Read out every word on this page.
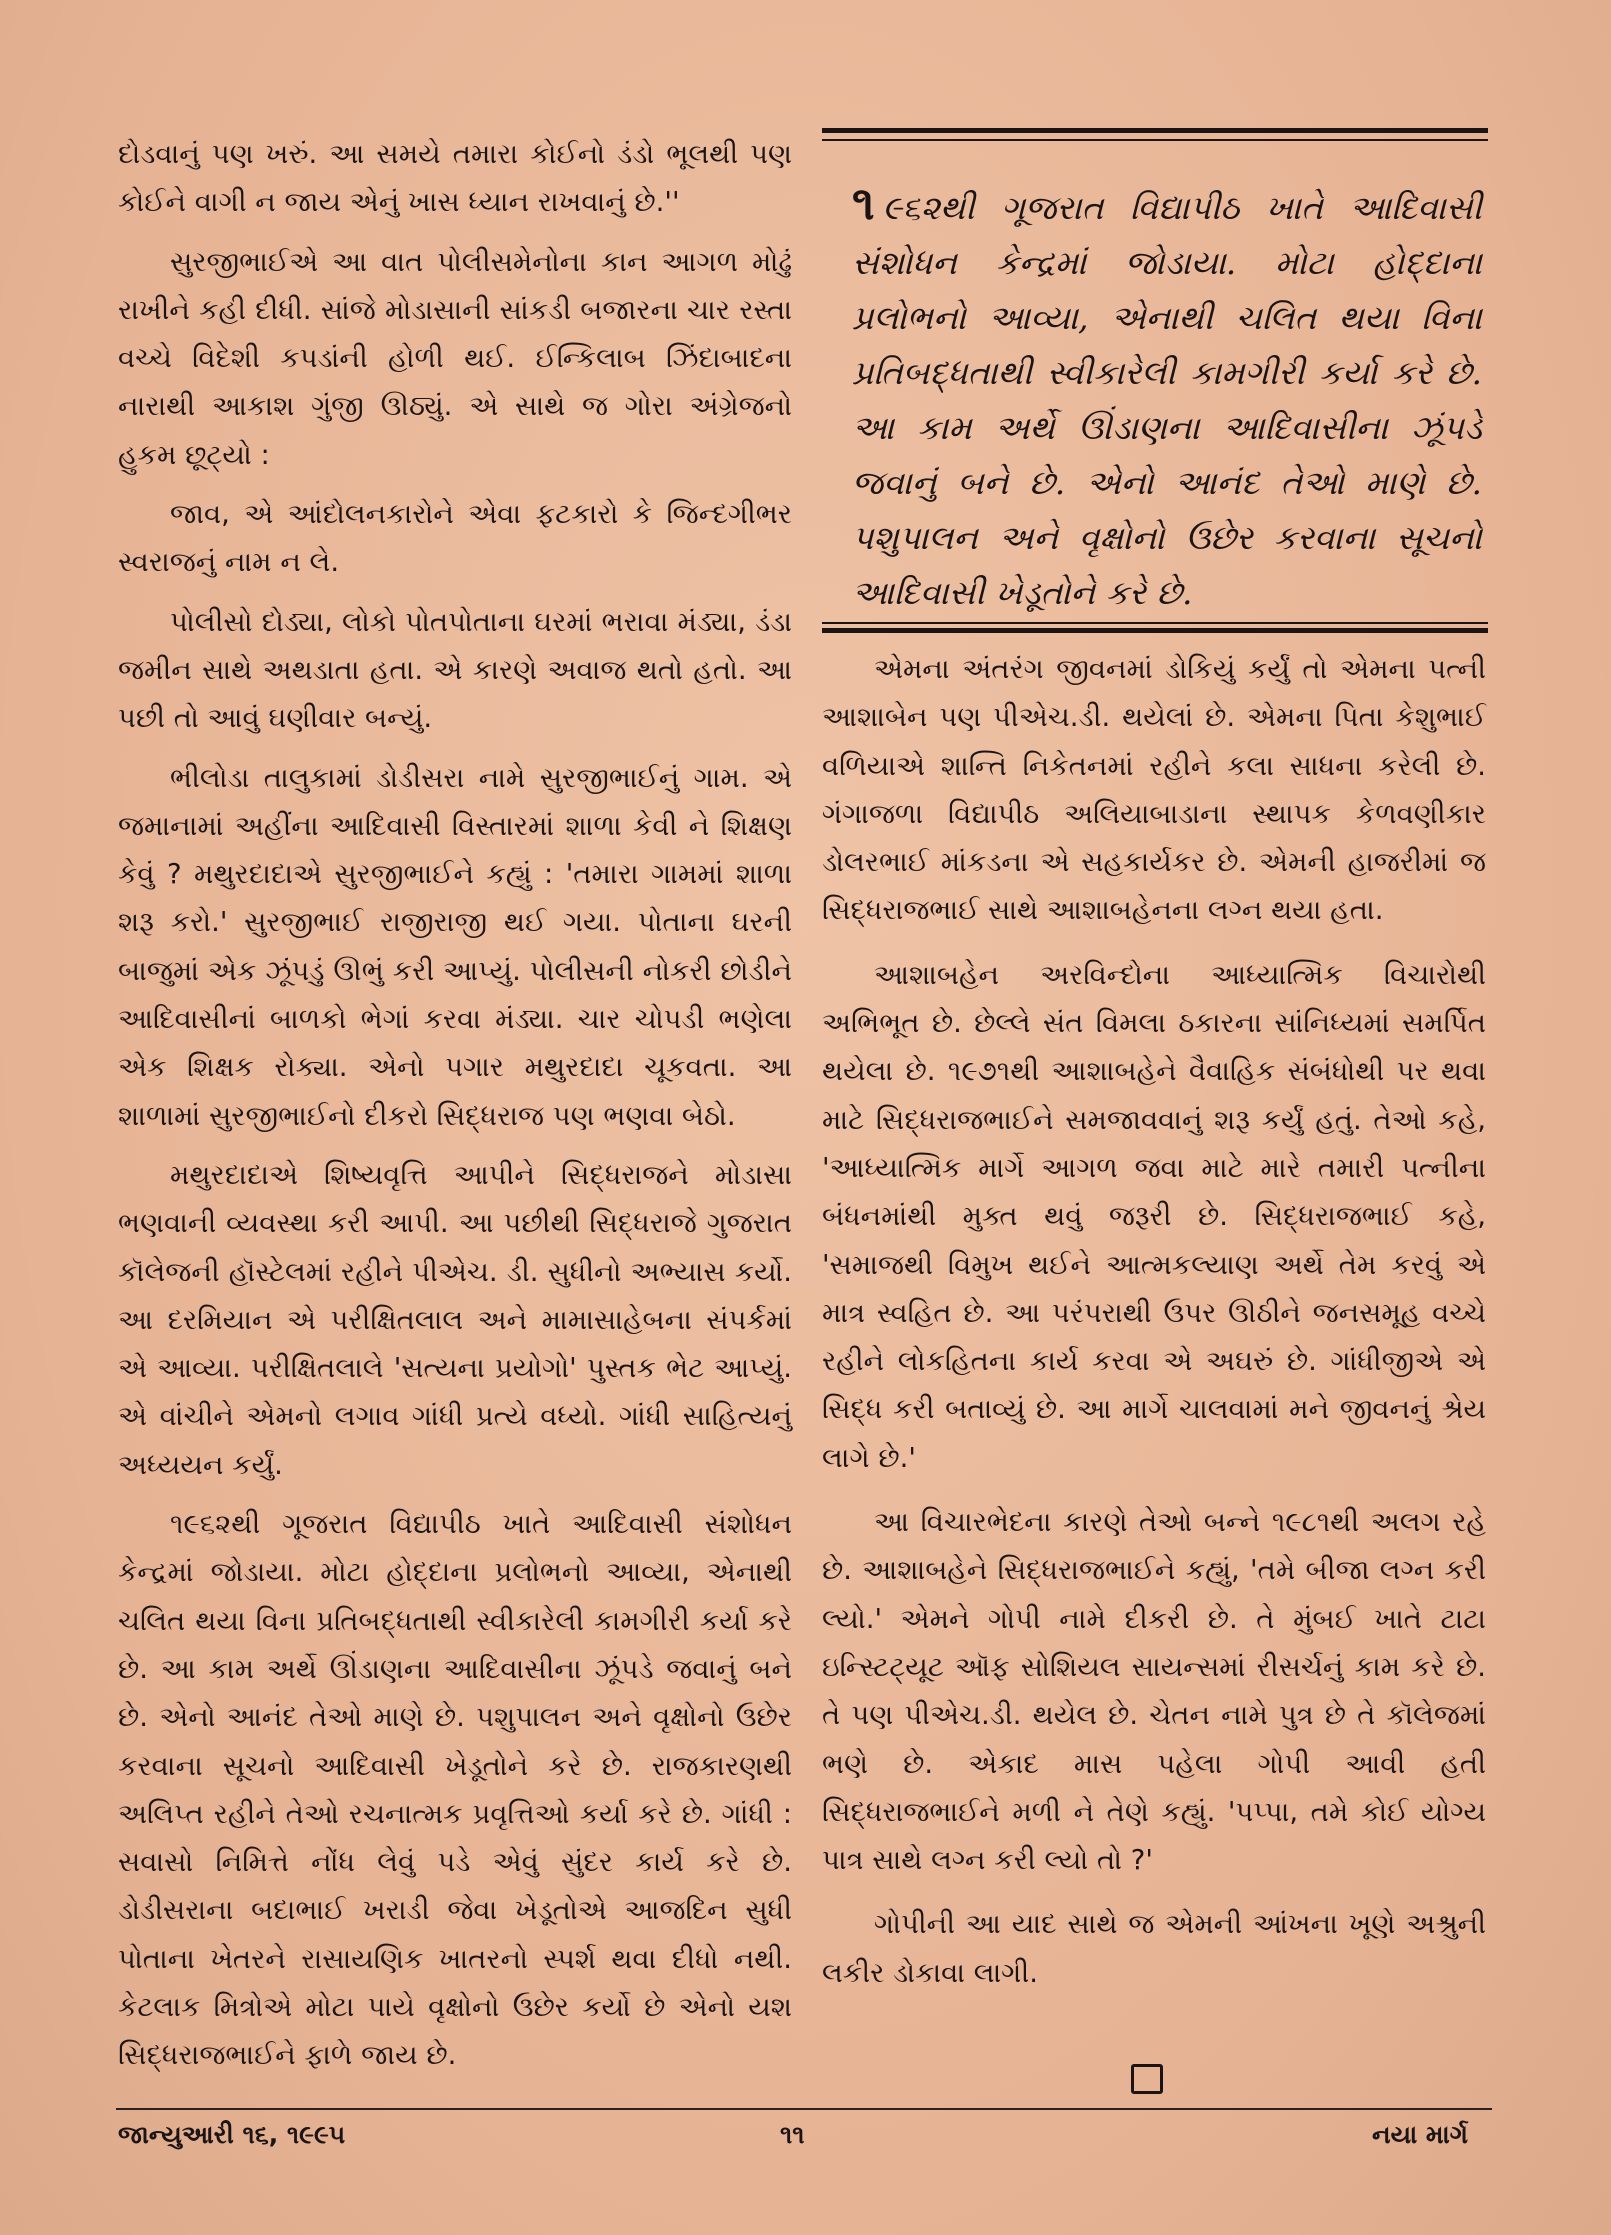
દોડવાનું પણ ખરું. આ સમયે તમારા કોઈનો ડંડો ભૂલથી પણ કોઈને વાગી ન જાય એનું ખાસ ધ્યાન રાખવાનું છે.''

સુરજીભાઈએ આ વાત પોલીસમેનોના કાન આગળ મોઢું રાખીને કહી દીધી. સાંજે મોડાસાની સાંકડી બજારના ચાર રસ્તા વચ્ચે વિદેશી કપડાંની હોળી થઈ. ઈન્કિલાબ ઝિંદાબાદના નારાથી આકાશ ગુંજી ઊઠ્યું. એ સાથે જ ગોરા અંગ્રેજનો હુકમ છૂટ્યો :

જાવ, એ આંદોલનકારોને એવા ફટકારો કે જિન્દગીભર સ્વરાજનું નામ ન લે.

પોલીસો દોડ્યા, લોકો પોતપોતાના ઘરમાં ભરાવા મંડ્યા, ડંડા જમીન સાથે અથડાતા હતા. એ કારણે અવાજ થતો હતો. આ પછી તો આવું ઘણીવાર બન્યું.

ભીલોડા તાલુકામાં ડોડીસરા નામે સુરજીભાઈનું ગામ. એ જમાનામાં અહીંના આદિવાસી વિસ્તારમાં શાળા કેવી ને શિક્ષણ કેવું ? મથુરદાદાએ સુરજીભાઈને કહ્યું : 'તમારા ગામમાં શાળા શરૂ કરો.' સુરજીભાઈ રાજીરાજી થઈ ગયા. પોતાના ઘરની બાજુમાં એક ઝૂંપડું ઊભું કરી આપ્યું. પોલીસની નોકરી છોડીને આદિવાસીનાં બાળકો ભેગાં કરવા મંડ્યા. ચાર ચોપડી ભણેલા એક શિક્ષક રોક્યા. એનો પગાર મથુરદાદા ચૂકવતા. આ શાળામાં સુરજીભાઈનો દીકરો સિદ્ધરાજ પણ ભણવા બેઠો.

મથુરદાદાએ શિષ્યવૃત્તિ આપીને સિદ્ધરાજને મોડાસા ભણવાની વ્યવસ્થા કરી આપી. આ પછીથી સિદ્ધરાજે ગુજરાત કૉલેજની હૉસ્ટેલમાં રહીને પીએચ. ડી. સુધીનો અભ્યાસ કર્યો. આ દરમિયાન એ પરીક્ષિતલાલ અને મામાસાહેબના સંપર્કમાં એ આવ્યા. પરીક્ષિતલાલે 'સત્યના પ્રયોગો' પુસ્તક ભેટ આપ્યું. એ વાંચીને એમનો લગાવ ગાંધી પ્રત્યે વધ્યો. ગાંધી સાહિત્યનું અધ્યયન કર્યું.

૧૯૬૨થી ગૂજરાત વિદ્યાપીઠ ખાતે આદિવાસી સંશોધન કેન્દ્રમાં જોડાયા. મોટા હોદ્દાના પ્રલોભનો આવ્યા, એનાથી ચલિત થયા વિના પ્રતિબદ્ધતાથી સ્વીકારેલી કામગીરી કર્યા કરે છે. આ કામ અર્થે ઊંડાણના આદિવાસીના ઝૂંપડે જવાનું બને છે. એનો આનંદ તેઓ માણે છે. પશુપાલન અને વૃક્ષોનો ઉછેર કરવાના સૂચનો આદિવાસી ખેડૂતોને કરે છે. રાજકારણથી અલિપ્ત રહીને તેઓ રચનાત્મક પ્રવૃત્તિઓ કર્યા કરે છે. ગાંધી : સવાસો નિમિત્તે નોંધ લેવું પડે એવું સુંદર કાર્ય કરે છે. ડોડીસરાના બદાભાઈ ખરાડી જેવા ખેડૂતોએ આજદિન સુધી પોતાના ખેતરને રાસાયણિક ખાતરનો સ્પર્શ થવા દીધો નથી. કેટલાક મિત્રોએ મોટા પાયે વૃક્ષોનો ઉછેર કર્યો છે એનો યશ સિદ્ધરાજભાઈને ફાળે જાય છે.

૧ ૯૬૨થી ગૂજરાત વિદ્યાપીઠ ખાતે આદિવાસી સંશોધન કેન્દ્રમાં જોડાયા. મોટા હોદ્દાના પ્રલોભનો આવ્યા, એનાથી ચલિત થયા વિના પ્રતિબદ્ધતાથી સ્વીકારેલી કામગીરી કર્યા કરે છે. આ કામ અર્થે ઊંડાણના આદિવાસીના ઝૂંપડે જવાનું બને છે. એનો આનંદ તેઓ માણે છે. પશુપાલન અને વૃક્ષોનો ઉછેર કરવાના સૂચનો આદિવાસી ખેડૂતોને કરે છે.

એમના અંતરંગ જીવનમાં ડોકિયું કર્યું તો એમના પત્ની આશાબેન પણ પીએચ.ડી. થયેલાં છે. એમના પિતા કેશુભાઈ વળિયાએ શાન્તિ નિકેતનમાં રહીને કલા સાધના કરેલી છે. ગંગાજળા વિદ્યાપીઠ અલિયાબાડાના સ્થાપક કેળવણીકાર ડોલરભાઈ માંકડના એ સહકાર્યકર છે. એમની હાજરીમાં જ સિદ્ધરાજભાઈ સાથે આશાબહેનના લગ્ન થયા હતા.

આશાબહેન અરવિન્દોના આધ્યાત્મિક વિચારોથી અભિભૂત છે. છેલ્લે સંત વિમલા ઠકારના સાંનિધ્યમાં સમર્પિત થયેલા છે. ૧૯૭૧થી આશાબહેને વૈવાહિક સંબંધોથી પર થવા માટે સિદ્ધરાજભાઈને સમજાવવાનું શરૂ કર્યું હતું. તેઓ કહે, 'આધ્યાત્મિક માર્ગે આગળ જવા માટે મારે તમારી પત્નીના બંધનમાંથી મુક્ત થવું જરૂરી છે. સિદ્ધરાજભાઈ કહે, 'સમાજથી વિમુખ થઈને આત્મકલ્યાણ અર્થે તેમ કરવું એ માત્ર સ્વહિત છે. આ પરંપરાથી ઉપર ઊઠીને જનસમૂહ વચ્ચે રહીને લોકહિતના કાર્ય કરવા એ અઘરું છે. ગાંધીજીએ એ સિદ્ધ કરી બતાવ્યું છે. આ માર્ગે ચાલવામાં મને જીવનનું શ્રેય લાગે છે.'

આ વિચારભેદના કારણે તેઓ બન્ને ૧૯૮૧થી અલગ રહે છે. આશાબહેને સિદ્ધરાજભાઈને કહ્યું, 'તમે બીજા લગ્ન કરી લ્યો.' એમને ગોપી નામે દીકરી છે. તે મુંબઈ ખાતે ટાટા ઇન્સ્ટિટ્યૂટ ઑફ સોશિયલ સાયન્સમાં રીસર્ચનું કામ કરે છે. તે પણ પીએચ.ડી. થયેલ છે. ચેતન નામે પુત્ર છે તે કૉલેજમાં ભણે છે. એકાદ માસ પહેલા ગોપી આવી હતી સિદ્ધરાજભાઈને મળી ને તેણે કહ્યું. 'પપ્પા, તમે કોઈ યોગ્ય પાત્ર સાથે લગ્ન કરી લ્યો તો ?'

ગોપીની આ યાદ સાથે જ એમની આંખના ખૂણે અશ્રુની લકીર ડોકાવા લાગી.

જાન્યુઆરી ૧૬, ૧૯૯૫	૧૧	નયા માર્ગ
